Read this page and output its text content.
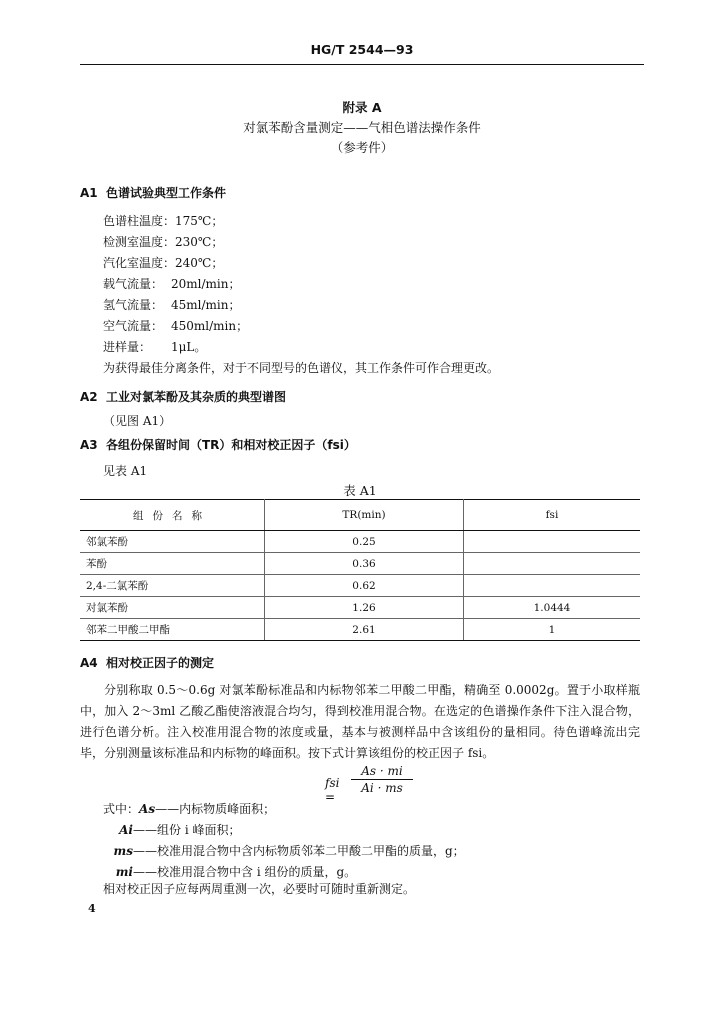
HG/T 2544—93
附录 A
对氯苯酚含量测定——气相色谱法操作条件
（参考件）
A1 色谱试验典型工作条件
色谱柱温度：175℃；
检测室温度：230℃；
汽化室温度：240℃；
载气流量： 20ml/min；
氢气流量： 45ml/min；
空气流量： 450ml/min；
进样量： 1μL。
为获得最佳分离条件，对于不同型号的色谱仪，其工作条件可作合理更改。
A2 工业对氯苯酚及其杂质的典型谱图
（见图 A1）
A3 各组份保留时间（TR）和相对校正因子（fsi）
见表 A1
表 A1
组份名称	TR(min)	fsi
邻氯苯酚	0.25	
苯酚	0.36	
2,4-二氯苯酚	0.62	
对氯苯酚	1.26	1.0444
邻苯二甲酸二甲酯	2.61	1
A4 相对校正因子的测定
分别称取 0.5～0.6g 对氯苯酚标准品和内标物邻苯二甲酸二甲酯，精确至 0.0002g。置于小取样瓶中，加入 2～3ml 乙酸乙酯使溶液混合均匀，得到校准用混合物。在选定的色谱操作条件下注入混合物，进行色谱分析。注入校准用混合物的浓度或量，基本与被测样品中含该组份的量相同。待色谱峰流出完毕，分别测量该标准品和内标物的峰面积。按下式计算该组份的校正因子 fsi。
fsi =
$\frac{As \cdot mi}{Ai \cdot ms}$
式中：As——内标物质峰面积；
Ai——组份 i 峰面积；
ms——校准用混合物中含内标物质邻苯二甲酸二甲酯的质量，g；
mi——校准用混合物中含 i 组份的质量，g。
相对校正因子应每两周重测一次，必要时可随时重新测定。
4
